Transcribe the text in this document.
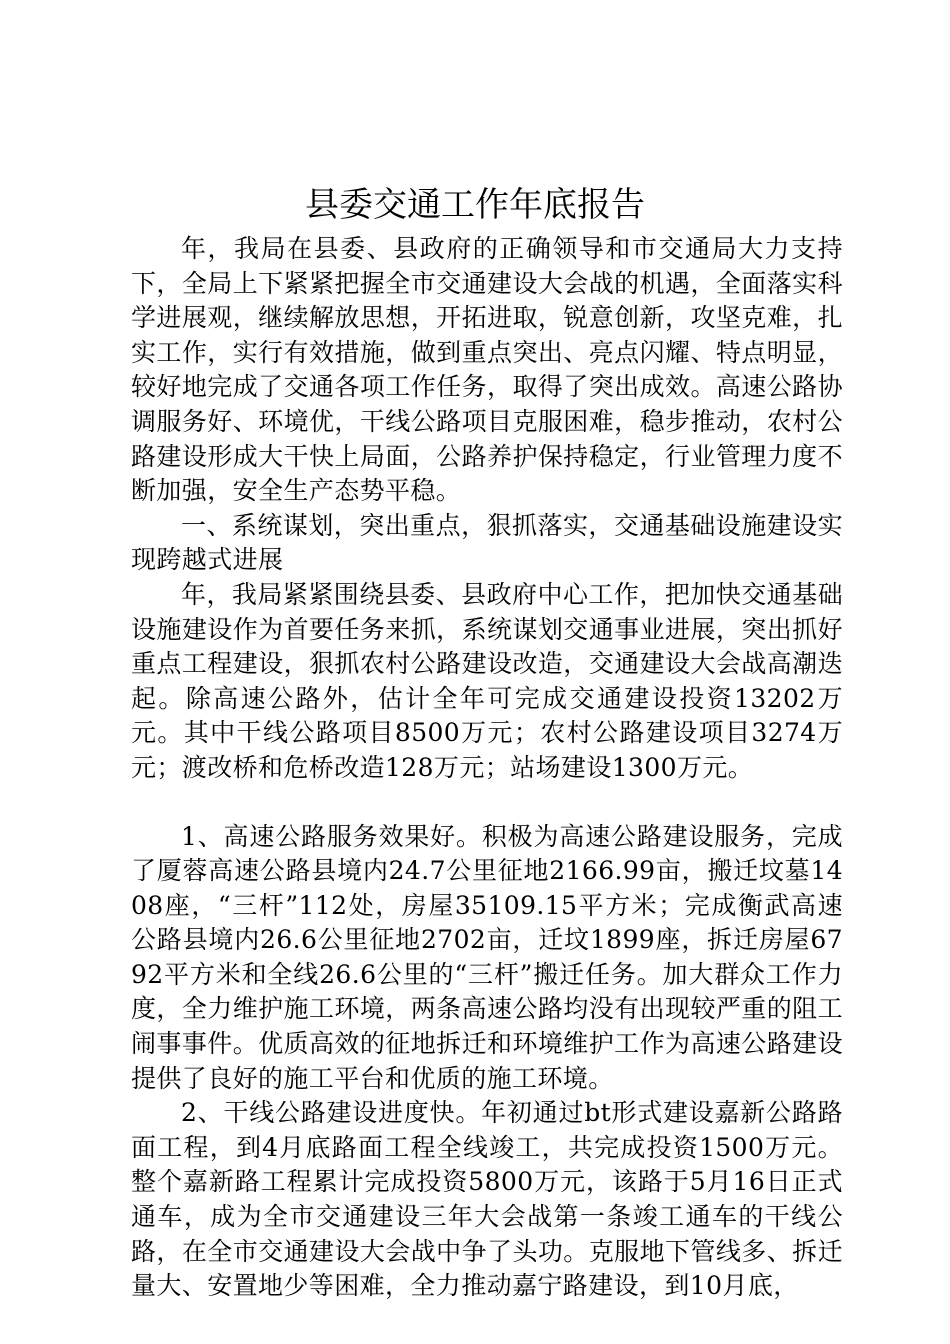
县委交通工作年底报告

年，我局在县委、县政府的正确领导和市交通局大力支持下，全局上下紧紧把握全市交通建设大会战的机遇，全面落实科学进展观，继续解放思想，开拓进取，锐意创新，攻坚克难，扎实工作，实行有效措施，做到重点突出、亮点闪耀、特点明显，较好地完成了交通各项工作任务，取得了突出成效。高速公路协调服务好、环境优，干线公路项目克服困难，稳步推动，农村公路建设形成大干快上局面，公路养护保持稳定，行业管理力度不断加强，安全生产态势平稳。

一、系统谋划，突出重点，狠抓落实，交通基础设施建设实现跨越式进展

年，我局紧紧围绕县委、县政府中心工作，把加快交通基础设施建设作为首要任务来抓，系统谋划交通事业进展，突出抓好重点工程建设，狠抓农村公路建设改造，交通建设大会战高潮迭起。除高速公路外，估计全年可完成交通建设投资13202万元。其中干线公路项目8500万元；农村公路建设项目3274万元；渡改桥和危桥改造128万元；站场建设1300万元。

1、高速公路服务效果好。积极为高速公路建设服务，完成了厦蓉高速公路县境内24.7公里征地2166.99亩，搬迁坟墓1408座，“三杆”112处，房屋35109.15平方米；完成衡武高速公路县境内26.6公里征地2702亩，迁坟1899座，拆迁房屋6792平方米和全线26.6公里的“三杆”搬迁任务。加大群众工作力度，全力维护施工环境，两条高速公路均没有出现较严重的阻工闹事事件。优质高效的征地拆迁和环境维护工作为高速公路建设提供了良好的施工平台和优质的施工环境。

2、干线公路建设进度快。年初通过bt形式建设嘉新公路路面工程，到4月底路面工程全线竣工，共完成投资1500万元。整个嘉新路工程累计完成投资5800万元，该路于5月16日正式通车，成为全市交通建设三年大会战第一条竣工通车的干线公路，在全市交通建设大会战中争了头功。克服地下管线多、拆迁量大、安置地少等困难，全力推动嘉宁路建设，到10月底，
